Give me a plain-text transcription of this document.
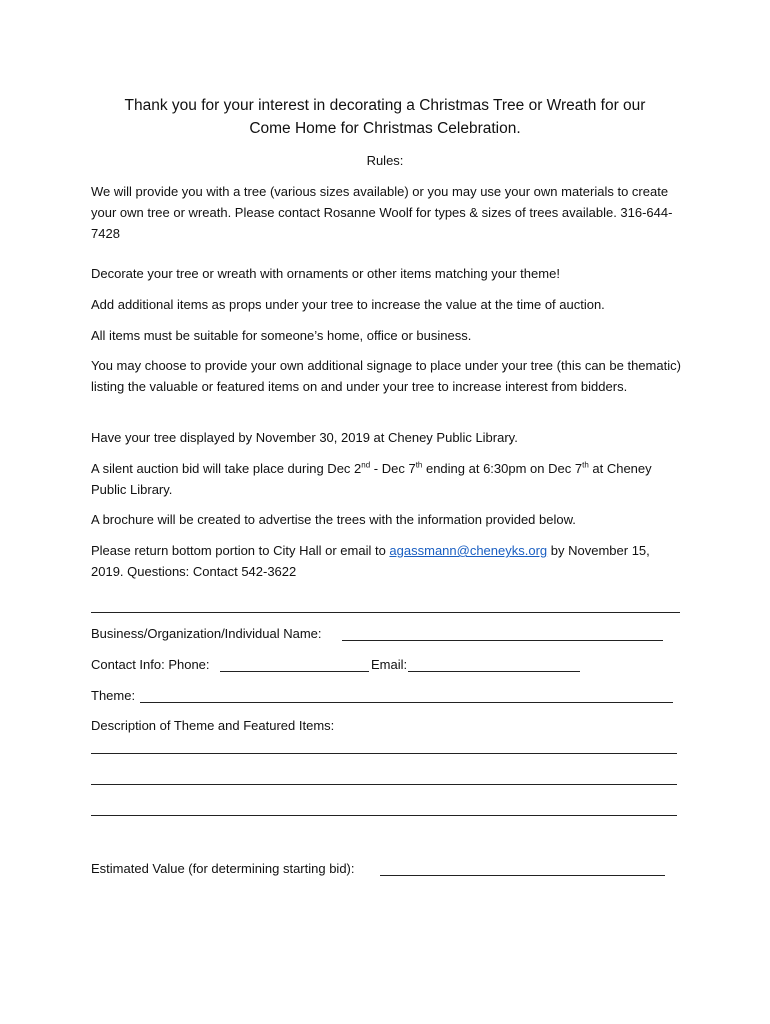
Thank you for your interest in decorating a Christmas Tree or Wreath for our
Come Home for Christmas Celebration.
Rules:

We will provide you with a tree (various sizes available) or you may use your own materials to create your own tree or wreath. Please contact Rosanne Woolf for types & sizes of trees available. 316-644-7428

Decorate your tree or wreath with ornaments or other items matching your theme!

Add additional items as props under your tree to increase the value at the time of auction.

All items must be suitable for someone’s home, office or business.

You may choose to provide your own additional signage to place under your tree (this can be thematic) listing the valuable or featured items on and under your tree to increase interest from bidders.

Have your tree displayed by November 30, 2019 at Cheney Public Library.

A silent auction bid will take place during Dec 2nd - Dec 7th ending at 6:30pm on Dec 7th at Cheney Public Library.

A brochure will be created to advertise the trees with the information provided below.

Please return bottom portion to City Hall or email to agassmann@cheneyks.org by November 15, 2019. Questions: Contact 542-3622

Business/Organization/Individual Name:
Contact Info: Phone:	Email:
Theme:
Description of Theme and Featured Items:
Estimated Value (for determining starting bid):
